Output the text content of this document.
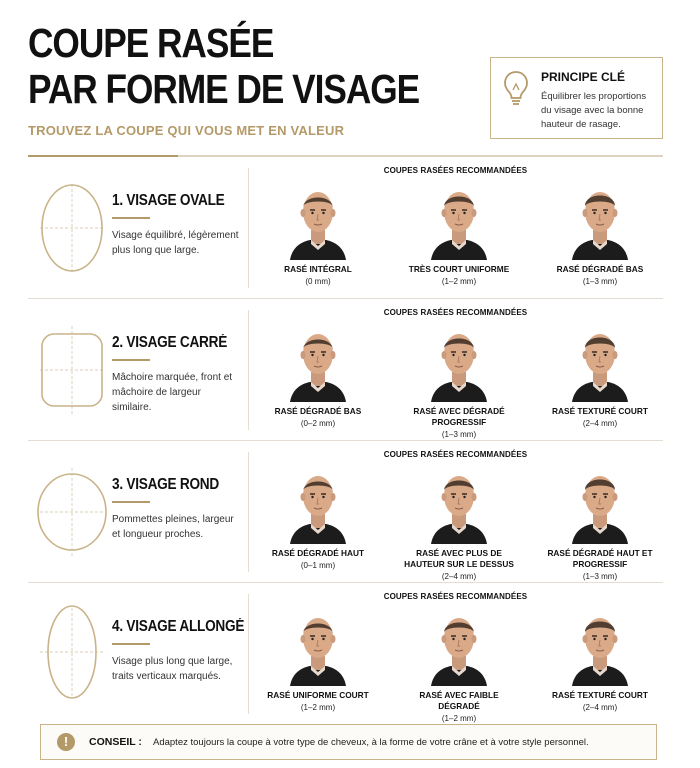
COUPE RASÉE
PAR FORME DE VISAGE
TROUVEZ LA COUPE QUI VOUS MET EN VALEUR
PRINCIPE CLÉ
Équilibrer les proportions du visage avec la bonne hauteur de rasage.
1. VISAGE OVALE
Visage équilibré, légèrement plus long que large.
COUPES RASÉES RECOMMANDÉES
RASÉ INTÉGRAL
(0 mm)
TRÈS COURT UNIFORME
(1–2 mm)
RASÉ DÉGRADÉ BAS
(1–3 mm)
2. VISAGE CARRÉ
Mâchoire marquée, front et mâchoire de largeur similaire.
COUPES RASÉES RECOMMANDÉES
RASÉ DÉGRADÉ BAS
(0–2 mm)
RASÉ AVEC DÉGRADÉ PROGRESSIF
(1–3 mm)
RASÉ TEXTURÉ COURT
(2–4 mm)
3. VISAGE ROND
Pommettes pleines, largeur et longueur proches.
COUPES RASÉES RECOMMANDÉES
RASÉ DÉGRADÉ HAUT
(0–1 mm)
RASÉ AVEC PLUS DE HAUTEUR SUR LE DESSUS
(2–4 mm)
RASÉ DÉGRADÉ HAUT ET PROGRESSIF
(1–3 mm)
4. VISAGE ALLONGÉ
Visage plus long que large, traits verticaux marqués.
COUPES RASÉES RECOMMANDÉES
RASÉ UNIFORME COURT
(1–2 mm)
RASÉ AVEC FAIBLE DÉGRADÉ
(1–2 mm)
RASÉ TEXTURÉ COURT
(2–4 mm)
!	CONSEIL : Adaptez toujours la coupe à votre type de cheveux, à la forme de votre crâne et à votre style personnel.
